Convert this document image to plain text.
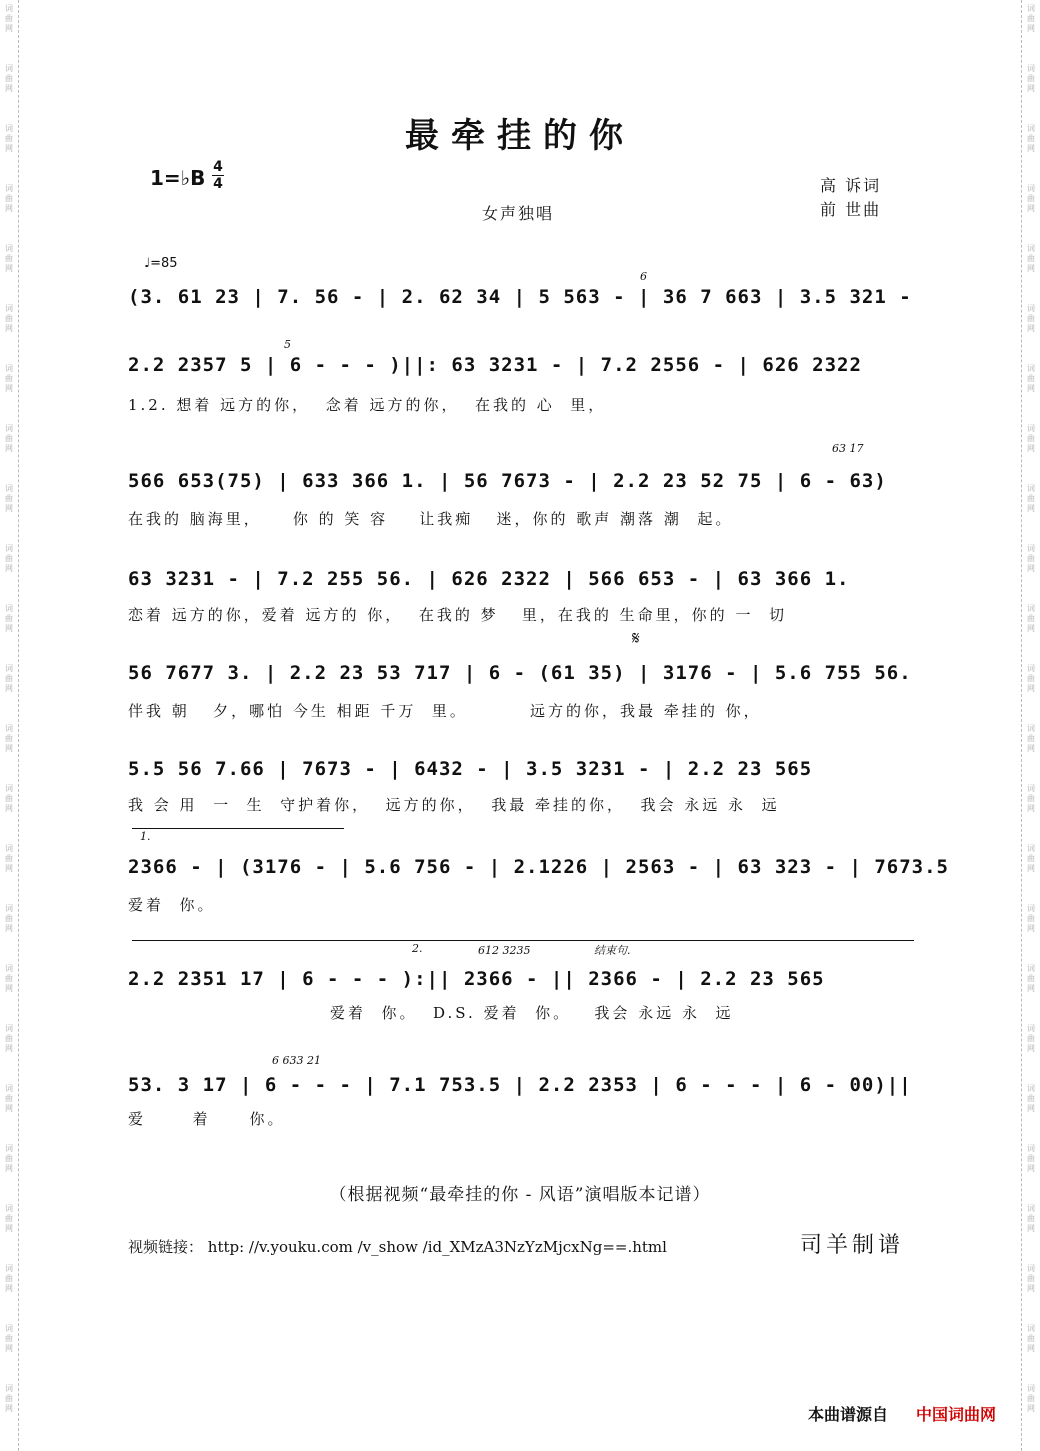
词
曲
网
词
曲
网
词
曲
网
词
曲
网
词
曲
网
词
曲
网
词
曲
网
词
曲
网
词
曲
网
词
曲
网
词
曲
网
词
曲
网
词
曲
网
词
曲
网
词
曲
网
词
曲
网
词
曲
网
词
曲
网
词
曲
网
词
曲
网
词
曲
网
词
曲
网
词
曲
网
词
曲
网
词
曲
网
词
曲
网
词
曲
网
词
曲
网
词
曲
网
词
曲
网
词
曲
网
词
曲
网
词
曲
网
词
曲
网
词
曲
网
词
曲
网
词
曲
网
词
曲
网
词
曲
网
词
曲
网
词
曲
网
词
曲
网
词
曲
网
词
曲
网
词
曲
网
词
曲
网
词
曲
网
词
曲
网
最牵挂的你
1=♭B 4
4
女声独唱
高 诉词
前 世曲
♩=85
(3. 61 23 | 7. 56 - | 2. 62 34 | 5 563 - | 36 7 663 | 3.5 321 -
6
2.2 2357 5 | 6 - - - )||: 63 3231 - | 7.2 2556 - | 626 2322
1.2. 想着 远方的你，  念着 远方的你，  在我的 心  里，
5
566 653(75) | 633 366 1. | 56 7673 - | 2.2 23 52 75 | 6 - 63)
在我的 脑海里，    你 的 笑 容    让我痴   迷，你的 歌声 潮落 潮  起。
63 17
63 3231 - | 7.2 255 56. | 626 2322 | 566 653 - | 63 366 1.
恋着 远方的你，爱着 远方的 你，  在我的 梦   里，在我的 生命里，你的 一  切
𝄋
56 7677 3. | 2.2 23 53 717 | 6 - (61 35) | 3176 - | 5.6 755 56.
伴我 朝   夕，哪怕 今生 相距 千万  里。        远方的你，我最 牵挂的 你，
5.5 56 7.66 | 7673 - | 6432 - | 3.5 3231 - | 2.2 23 565
我 会 用  一  生  守护着你，  远方的你，  我最 牵挂的你，  我会 永远 永  远
1.
2366 - | (3176 - | 5.6 756 - | 2.1226 | 2563 - | 63 323 - | 7673.5
爱着  你。
2.	结束句.
612 3235
2.2 2351 17 | 6 - - - ):|| 2366 - || 2366 - | 2.2 23 565
爱着  你。  D.S. 爱着  你。   我会 永远 永  远
53. 3 17 | 6 - - - | 7.1 753.5 | 2.2 2353 | 6 - - - | 6 - 00)||
爱      着     你。
6 633 21
（根据视频“最牵挂的你 - 风语”演唱版本记谱）
视频链接： http: //v.youku.com /v_show /id_XMzA3NzYzMjcxNg==.html	司羊制谱
本曲谱源自 中国词曲网
